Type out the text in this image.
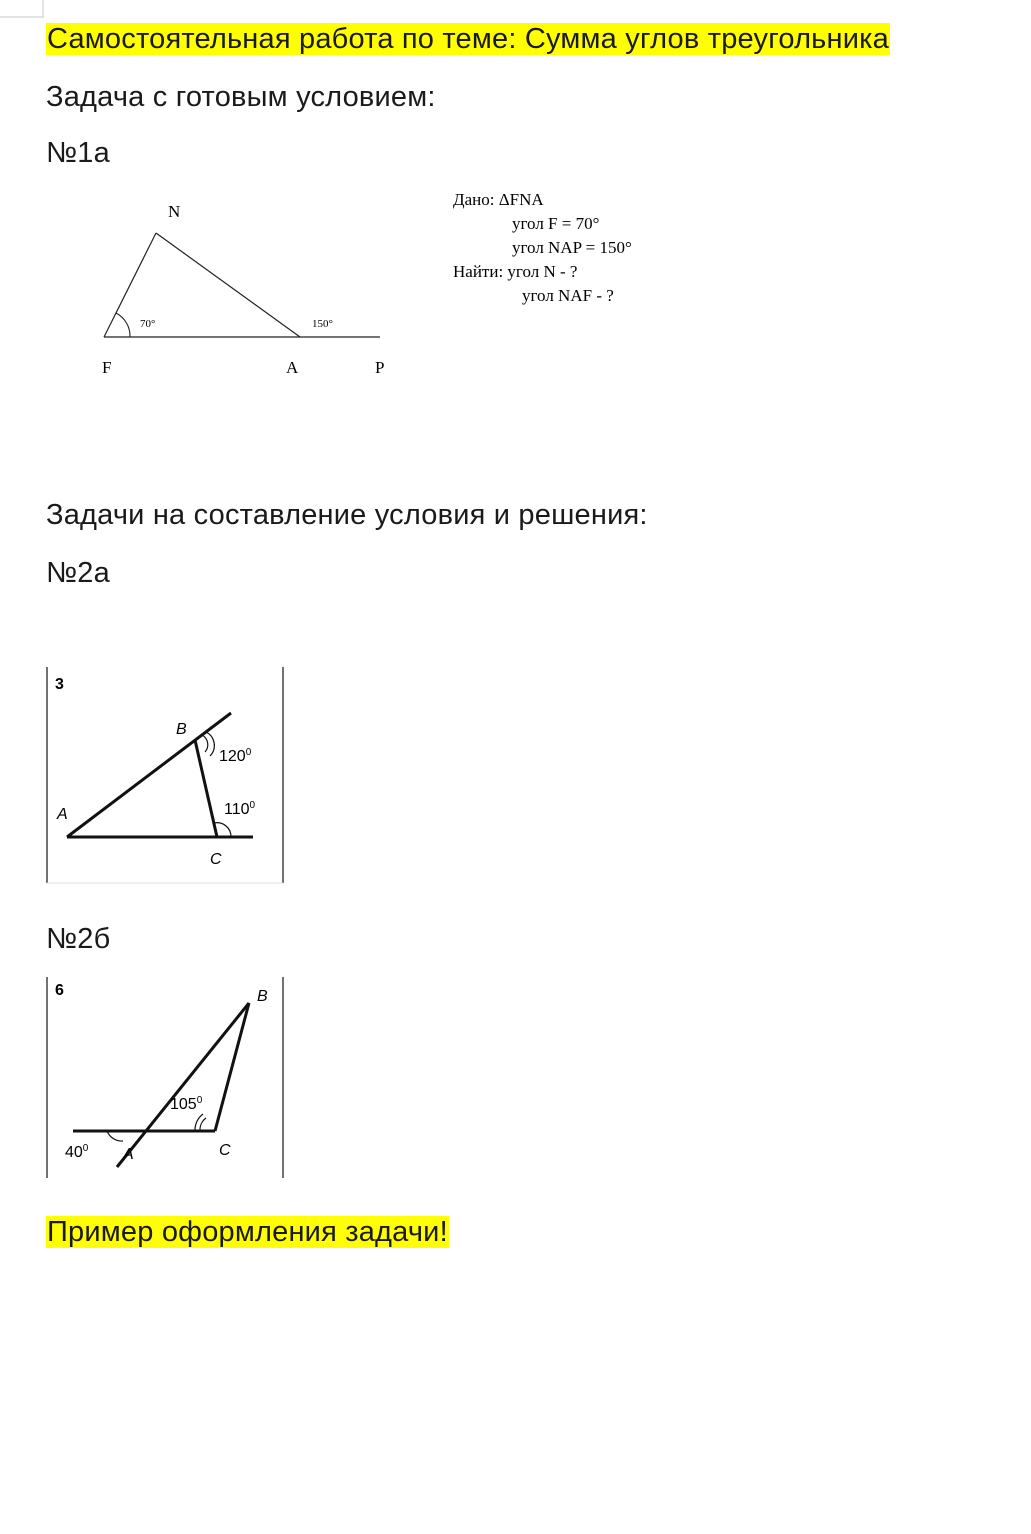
Самостоятельная работа по теме: Сумма углов треугольника
Задача с готовым условием:
№1а
N
F	A	P
70°	150°
Дано: ΔFNA
угол F = 70°
угол NAP = 150°
Найти: угол N - ?
угол NAF - ?
Задачи на составление условия и решения:
№2а
3
B
A
C
$120^0$
$110^0$
№2б
6	B
A	C
$105^0$
$40^0$
Пример оформления задачи!
